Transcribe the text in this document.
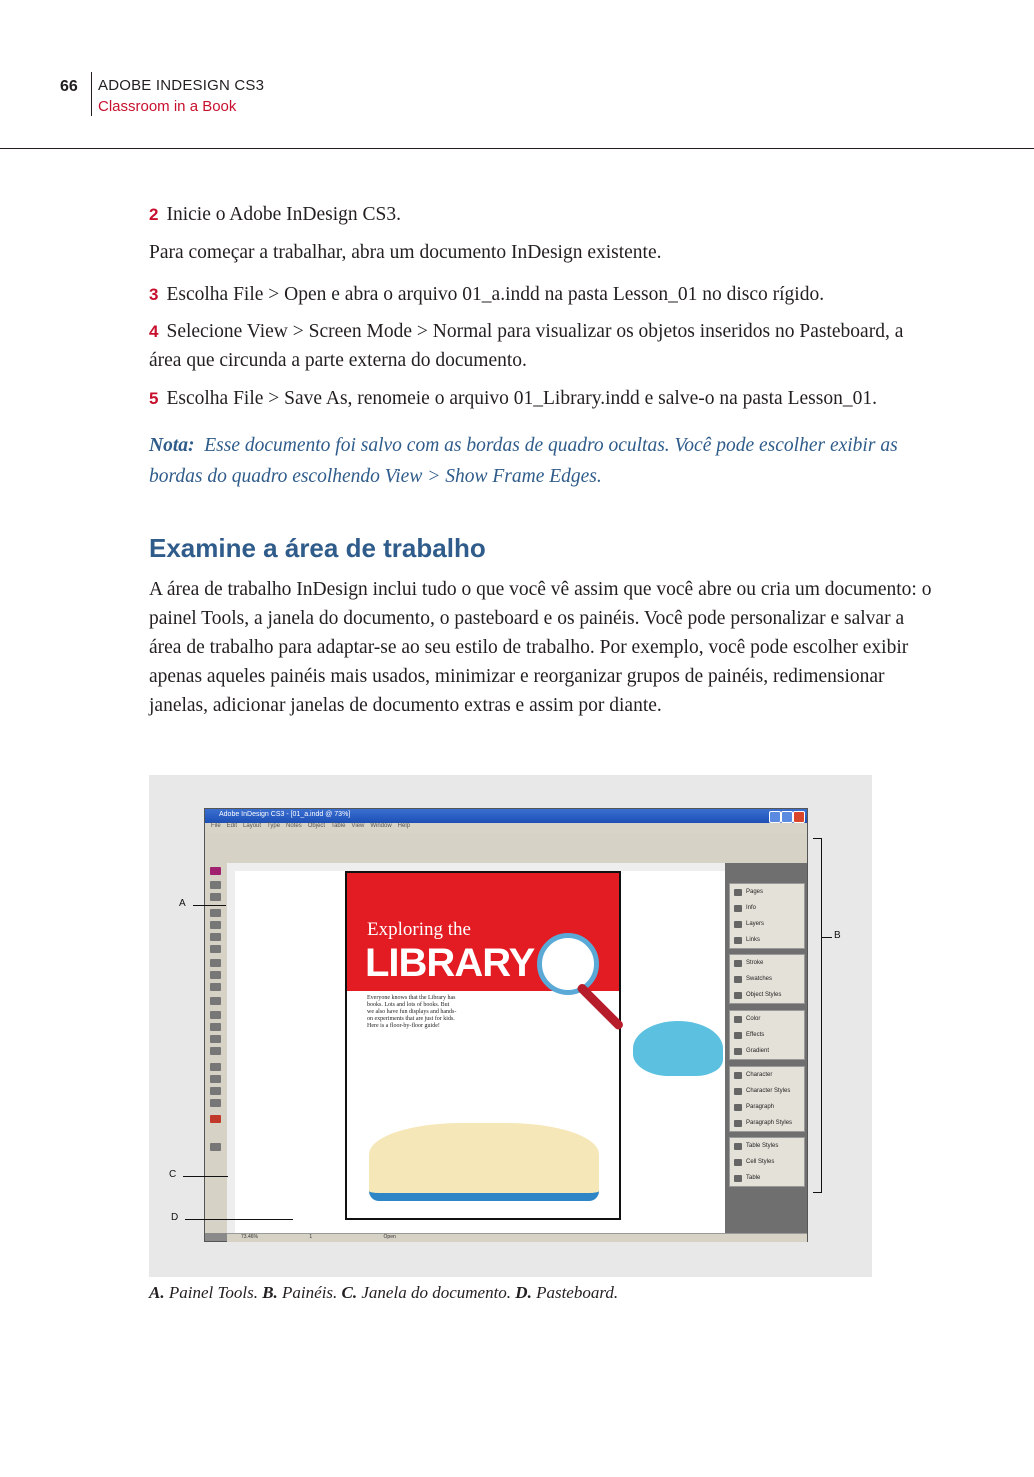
66 ADOBE INDESIGN CS3
Classroom in a Book
2 Inicie o Adobe InDesign CS3.
Para começar a trabalhar, abra um documento InDesign existente.
3 Escolha File > Open e abra o arquivo 01_a.indd na pasta Lesson_01 no disco rígido.
4 Selecione View > Screen Mode > Normal para visualizar os objetos inseridos no Pasteboard, a área que circunda a parte externa do documento.
5 Escolha File > Save As, renomeie o arquivo 01_Library.indd e salve-o na pasta Lesson_01.
Nota: Esse documento foi salvo com as bordas de quadro ocultas. Você pode escolher exibir as bordas do quadro escolhendo View > Show Frame Edges.
Examine a área de trabalho
A área de trabalho InDesign inclui tudo o que você vê assim que você abre ou cria um documento: o painel Tools, a janela do documento, o pasteboard e os painéis. Você pode personalizar e salvar a área de trabalho para adaptar-se ao seu estilo de trabalho. Por exemplo, você pode escolher exibir apenas aqueles painéis mais usados, minimizar e reorganizar grupos de painéis, redimensionar janelas, adicionar janelas de documento extras e assim por diante.
Adobe InDesign CS3 - [01_a.indd @ 73%]
File Edit Layout Type Notes Object Table View Window Help
Exploring the
LIBRARY
Everyone knows that the Library has books. Lots and lots of books. But we also have fun displays and hands-on experiments that are just for kids. Here is a floor-by-floor guide!
Pages
Info
Layers
Links
Stroke
Swatches
Object Styles
Color
Effects
Gradient
Character
Character Styles
Paragraph
Paragraph Styles
Table Styles
Cell Styles
Table
73.46%	1	Open
A
C
D
B
A. Painel Tools. B. Painéis. C. Janela do documento. D. Pasteboard.
